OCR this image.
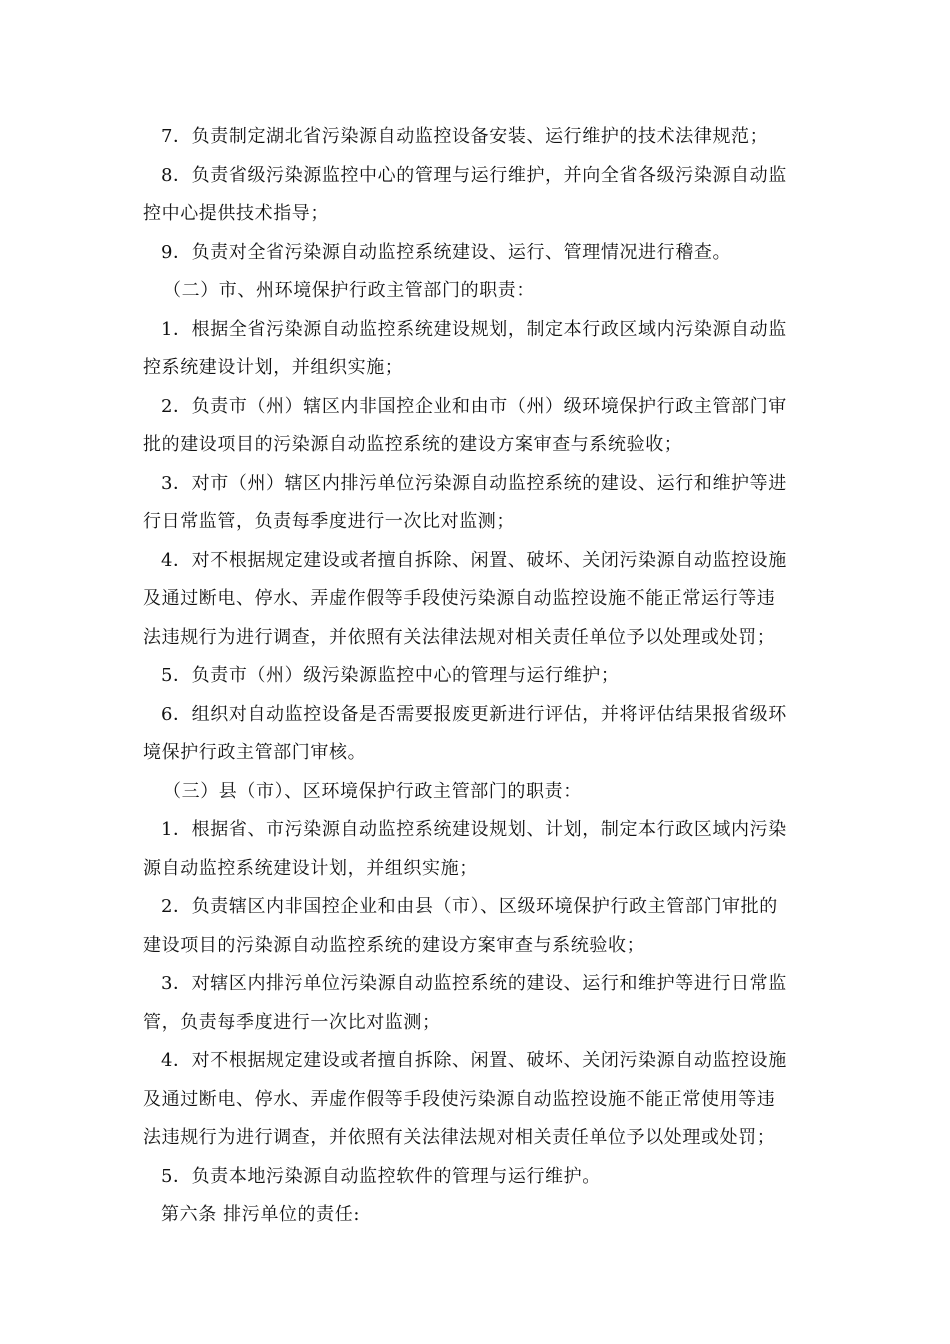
7．负责制定湖北省污染源自动监控设备安装、运行维护的技术法律规范；
8．负责省级污染源监控中心的管理与运行维护，并向全省各级污染源自动监
控中心提供技术指导；
9．负责对全省污染源自动监控系统建设、运行、管理情况进行稽查。
（二）市、州环境保护行政主管部门的职责：
1．根据全省污染源自动监控系统建设规划，制定本行政区域内污染源自动监
控系统建设计划，并组织实施；
2．负责市（州）辖区内非国控企业和由市（州）级环境保护行政主管部门审
批的建设项目的污染源自动监控系统的建设方案审查与系统验收；
3．对市（州）辖区内排污单位污染源自动监控系统的建设、运行和维护等进
行日常监管，负责每季度进行一次比对监测；
4．对不根据规定建设或者擅自拆除、闲置、破坏、关闭污染源自动监控设施
及通过断电、停水、弄虚作假等手段使污染源自动监控设施不能正常运行等违
法违规行为进行调查，并依照有关法律法规对相关责任单位予以处理或处罚；
5．负责市（州）级污染源监控中心的管理与运行维护；
6．组织对自动监控设备是否需要报废更新进行评估，并将评估结果报省级环
境保护行政主管部门审核。
（三）县（市）、区环境保护行政主管部门的职责：
1．根据省、市污染源自动监控系统建设规划、计划，制定本行政区域内污染
源自动监控系统建设计划，并组织实施；
2．负责辖区内非国控企业和由县（市）、区级环境保护行政主管部门审批的
建设项目的污染源自动监控系统的建设方案审查与系统验收；
3．对辖区内排污单位污染源自动监控系统的建设、运行和维护等进行日常监
管，负责每季度进行一次比对监测；
4．对不根据规定建设或者擅自拆除、闲置、破坏、关闭污染源自动监控设施
及通过断电、停水、弄虚作假等手段使污染源自动监控设施不能正常使用等违
法违规行为进行调查，并依照有关法律法规对相关责任单位予以处理或处罚；
5．负责本地污染源自动监控软件的管理与运行维护。
第六条 排污单位的责任:
